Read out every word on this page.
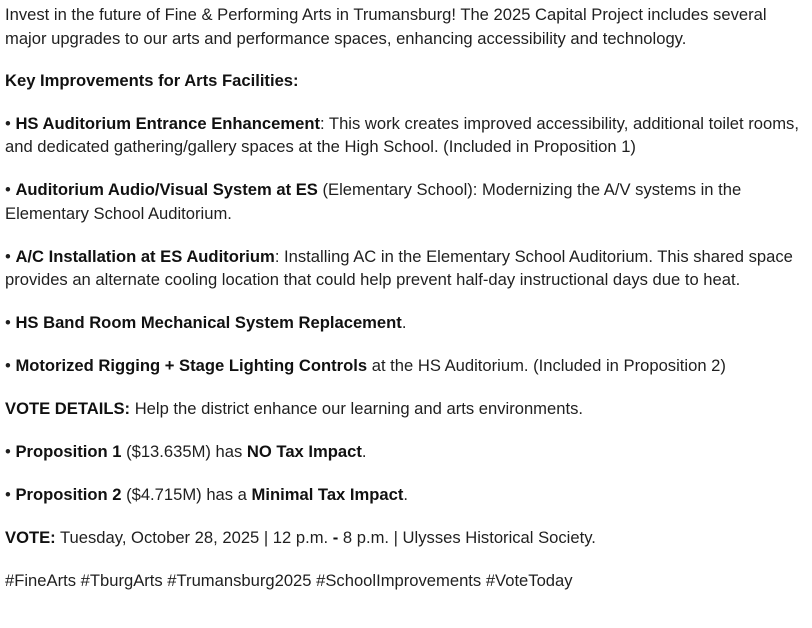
Invest in the future of Fine & Performing Arts in Trumansburg! The 2025 Capital Project includes several major upgrades to our arts and performance spaces, enhancing accessibility and technology.

Key Improvements for Arts Facilities:

• HS Auditorium Entrance Enhancement: This work creates improved accessibility, additional toilet rooms, and dedicated gathering/gallery spaces at the High School. (Included in Proposition 1)

• Auditorium Audio/Visual System at ES (Elementary School): Modernizing the A/V systems in the Elementary School Auditorium.

• A/C Installation at ES Auditorium: Installing AC in the Elementary School Auditorium. This shared space provides an alternate cooling location that could help prevent half-day instructional days due to heat.

• HS Band Room Mechanical System Replacement.

• Motorized Rigging + Stage Lighting Controls at the HS Auditorium. (Included in Proposition 2)

VOTE DETAILS: Help the district enhance our learning and arts environments.

• Proposition 1 ($13.635M) has NO Tax Impact.

• Proposition 2 ($4.715M) has a Minimal Tax Impact.

VOTE: Tuesday, October 28, 2025 | 12 p.m. - 8 p.m. | Ulysses Historical Society.

#FineArts #TburgArts #Trumansburg2025 #SchoolImprovements #VoteToday
